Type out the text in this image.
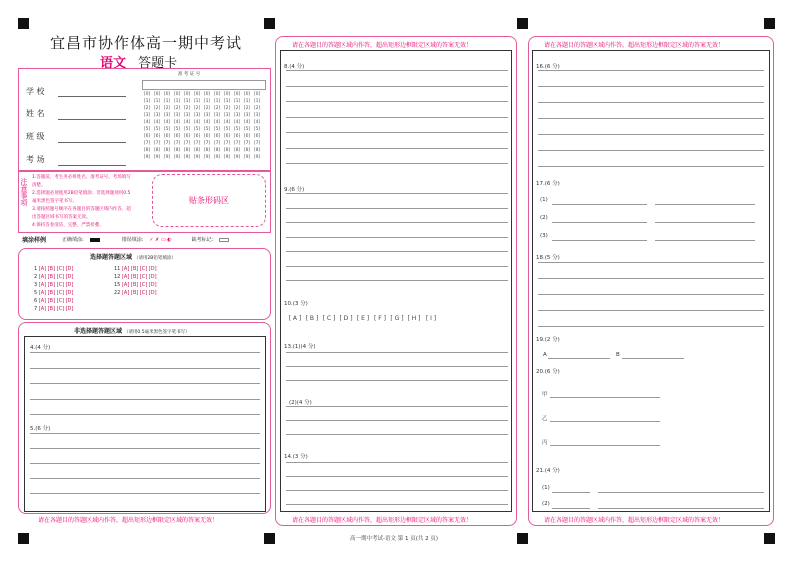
宜昌市协作体高一期中考试
语文 答题卡
准 考 证 号
学 校
姓 名
班 级
考 场
[0] [0] [0] [0] [0] [0] [0] [0] [0] [0] [0] [0]
[1] [1] [1] [1] [1] [1] [1] [1] [1] [1] [1] [1]
[2] [2] [2] [2] [2] [2] [2] [2] [2] [2] [2] [2]
[3] [3] [3] [3] [3] [3] [3] [3] [3] [3] [3] [3]
[4] [4] [4] [4] [4] [4] [4] [4] [4] [4] [4] [4]
[5] [5] [5] [5] [5] [5] [5] [5] [5] [5] [5] [5]
[6] [6] [6] [6] [6] [6] [6] [6] [6] [6] [6] [6]
[7] [7] [7] [7] [7] [7] [7] [7] [7] [7] [7] [7]
[8] [8] [8] [8] [8] [8] [8] [8] [8] [8] [8] [8]
[9] [9] [9] [9] [9] [9] [9] [9] [9] [9] [9] [9]
注意事项
1.答题前，考生务必将姓名、准考证号、考场填写清楚。
2.选择题必须使用2B铅笔填涂；非选择题须用0.5毫米黑色签字笔书写。
3.请按照题号顺序在各题目的答题区域内作答，超出答题区域书写的答案无效。
4.保持答卷清洁、完整，严禁折叠。
贴条形码区
填涂样例	正确填涂:	错误填涂: ✓ ✗ ▭ ◐	缺考标记:
选择题答题区域 （请用2B铅笔填涂）
1 [A] [B] [C] [D]
2 [A] [B] [C] [D]
3 [A] [B] [C] [D]
5 [A] [B] [C] [D]
6 [A] [B] [C] [D]
7 [A] [B] [C] [D]
11 [A] [B] [C] [D]
12 [A] [B] [C] [D]
15 [A] [B] [C] [D]
22 [A] [B] [C] [D]
非选择题答题区域 （请用0.5毫米黑色签字笔书写）
4.(4 分)
5.(6 分)
请在各题目的答题区域内作答，超出矩形边框限定区域的答案无效！
请在各题目的答题区域内作答，超出矩形边框限定区域的答案无效！
8.(4 分)
9.(6 分)
10.(3 分)
[ A ] [ B ] [ C ] [ D ] [ E ] [ F ] [ G ] [ H ] [ I ]
13.(1)(4 分)
(2)(4 分)
14.(3 分)
请在各题目的答题区域内作答，超出矩形边框限定区域的答案无效！
请在各题目的答题区域内作答，超出矩形边框限定区域的答案无效！
16.(6 分)
17.(6 分)
(1)
(2)
(3)
18.(5 分)
19.(2 分)
A	B
20.(6 分)
甲
乙
丙
21.(4 分)
(1)
(2)
请在各题目的答题区域内作答，超出矩形边框限定区域的答案无效！
高一期中考试-语文 第 1 页(共 2 页)
